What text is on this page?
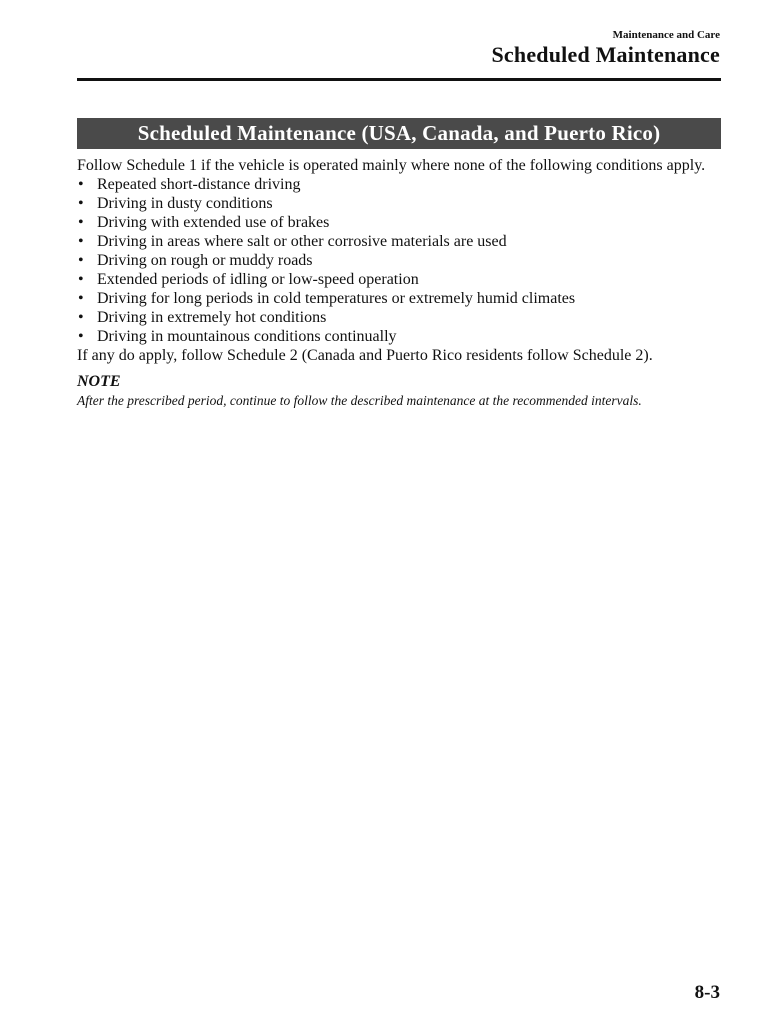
Maintenance and Care
Scheduled Maintenance
Scheduled Maintenance (USA, Canada, and Puerto Rico)

Follow Schedule 1 if the vehicle is operated mainly where none of the following conditions apply.

• Repeated short-distance driving
• Driving in dusty conditions
• Driving with extended use of brakes
• Driving in areas where salt or other corrosive materials are used
• Driving on rough or muddy roads
• Extended periods of idling or low-speed operation
• Driving for long periods in cold temperatures or extremely humid climates
• Driving in extremely hot conditions
• Driving in mountainous conditions continually

If any do apply, follow Schedule 2 (Canada and Puerto Rico residents follow Schedule 2).

NOTE

After the prescribed period, continue to follow the described maintenance at the recommended intervals.

8-3
